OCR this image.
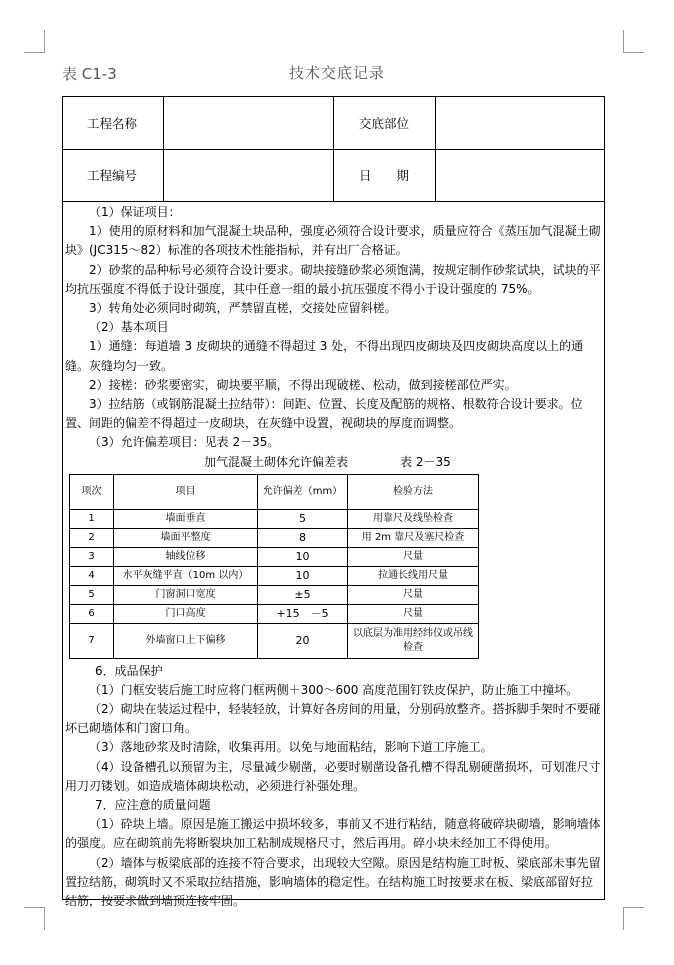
表 C1-3	技术交底记录
工程名称	交底部位
工程编号	日　　期

（1）保证项目：

1）使用的原材料和加气混凝土块品种，强度必须符合设计要求，质量应符合《蒸压加气混凝土砌块》(JC315～82）标准的各项技术性能指标，并有出厂合格证。

2）砂浆的品种标号必须符合设计要求。砌块接缝砂浆必须饱满，按规定制作砂浆试块，试块的平均抗压强度不得低于设计强度，其中任意一组的最小抗压强度不得小于设计强度的 75%。

3）转角处必须同时砌筑，严禁留直槎，交接处应留斜槎。

（2）基本项目

1）通缝：每道墙 3 皮砌块的通缝不得超过 3 处，不得出现四皮砌块及四皮砌块高度以上的通缝。灰缝均匀一致。

2）接槎：砂浆要密实，砌块要平顺，不得出现破槎、松动，做到接槎部位严实。

3）拉结筋（或钢筋混凝土拉结带）：间距、位置、长度及配筋的规格、根数符合设计要求。位置、间距的偏差不得超过一皮砌块，在灰缝中设置，视砌块的厚度而调整。

（3）允许偏差项目：见表 2－35。

加气混凝土砌体允许偏差表	表 2－35

项次	项目	允许偏差（mm）	检验方法
1	墙面垂直	5	用靠尺及线坠检查
2	墙面平整度	8	用 2m 靠尺及塞尺检查
3	轴线位移	10	尺量
4	水平灰缝平直（10m 以内）	10	拉通长线用尺量
5	门窗洞口宽度	±5	尺量
6	门口高度	+15　－5	尺量
7	外墙窗口上下偏移	20	以底层为准用经纬仪或吊线检查

6．成品保护

（1）门框安装后施工时应将门框两侧＋300～600 高度范围钉铁皮保护，防止施工中撞坏。

（2）砌块在装运过程中，轻装轻放，计算好各房间的用量，分别码放整齐。搭拆脚手架时不要碰坏已砌墙体和门窗口角。

（3）落地砂浆及时清除，收集再用。以免与地面粘结，影响下道工序施工。

（4）设备槽孔以预留为主，尽量减少剔凿，必要时剔凿设备孔槽不得乱剔硬凿损坏，可划准尺寸用刀刃镂划。如造成墙体砌块松动，必须进行补强处理。

7．应注意的质量问题

（1）砕块上墙。原因是施工搬运中损坏较多，事前又不进行粘结，随意将破碎块砌墙，影响墙体的强度。应在砌筑前先将断裂块加工粘制成规格尺寸，然后再用。碎小块未经加工不得使用。

（2）墙体与板梁底部的连接不符合要求，出现较大空隙。原因是结构施工时板、梁底部未事先留置拉结筋，砌筑时又不采取拉结措施，影响墙体的稳定性。在结构施工时按要求在板、梁底部留好拉结筋，按要求做到墙顶连接牢固。
